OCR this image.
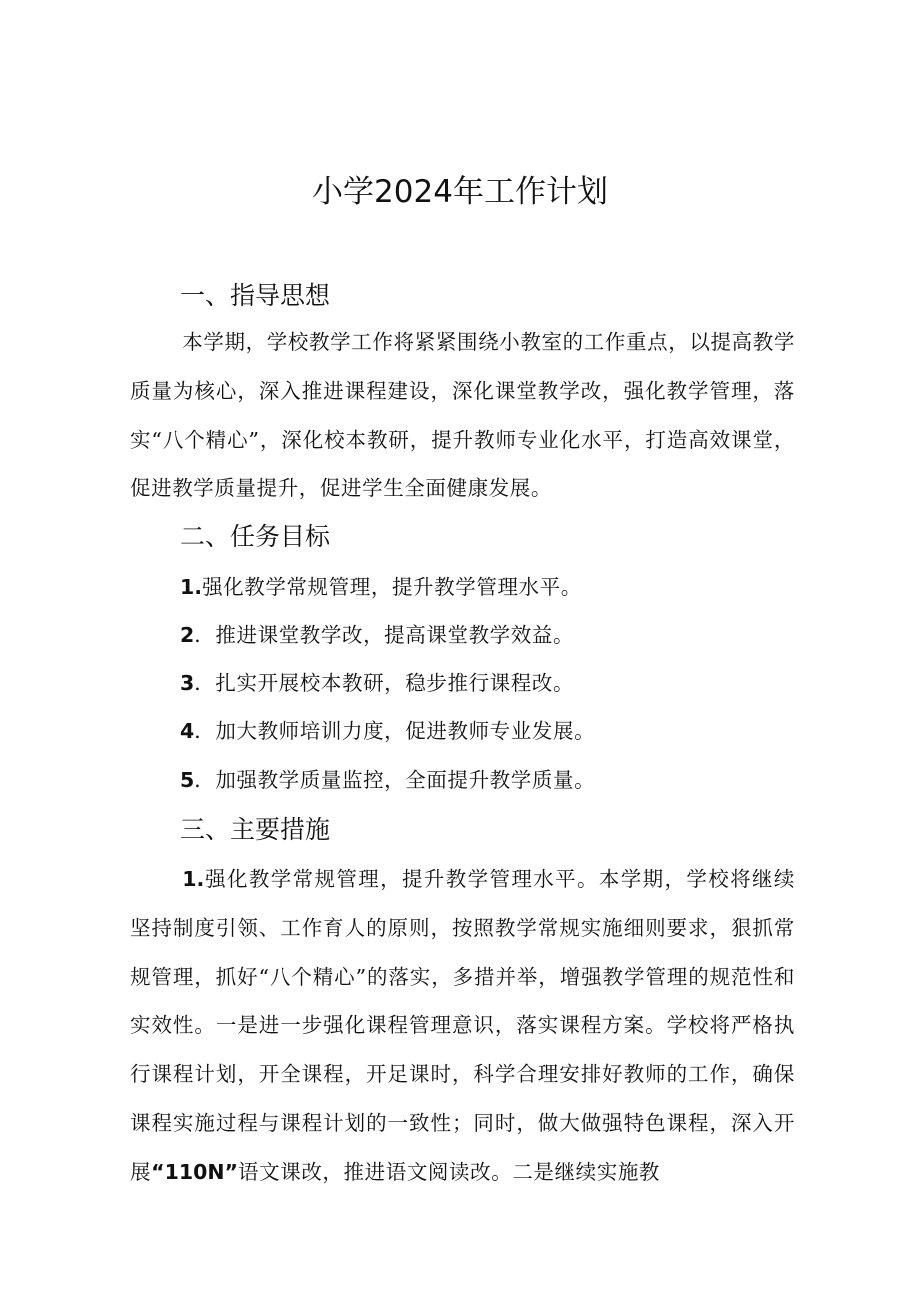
小学2024年工作计划
一、指导思想

本学期，学校教学工作将紧紧围绕小教室的工作重点，以提高教学质量为核心，深入推进课程建设，深化课堂教学改，强化教学管理，落实“八个精心”，深化校本教研，提升教师专业化水平，打造高效课堂，促进教学质量提升，促进学生全面健康发展。

二、任务目标

1.强化教学常规管理，提升教学管理水平。

2．推进课堂教学改，提高课堂教学效益。

3．扎实开展校本教研，稳步推行课程改。

4．加大教师培训力度，促进教师专业发展。

5．加强教学质量监控，全面提升教学质量。

三、主要措施

1.强化教学常规管理，提升教学管理水平。本学期，学校将继续坚持制度引领、工作育人的原则，按照教学常规实施细则要求，狠抓常规管理，抓好“八个精心”的落实，多措并举，增强教学管理的规范性和实效性。一是进一步强化课程管理意识，落实课程方案。学校将严格执行课程计划，开全课程，开足课时，科学合理安排好教师的工作，确保课程实施过程与课程计划的一致性；同时，做大做强特色课程，深入开展“110N”语文课改，推进语文阅读改。二是继续实施教
